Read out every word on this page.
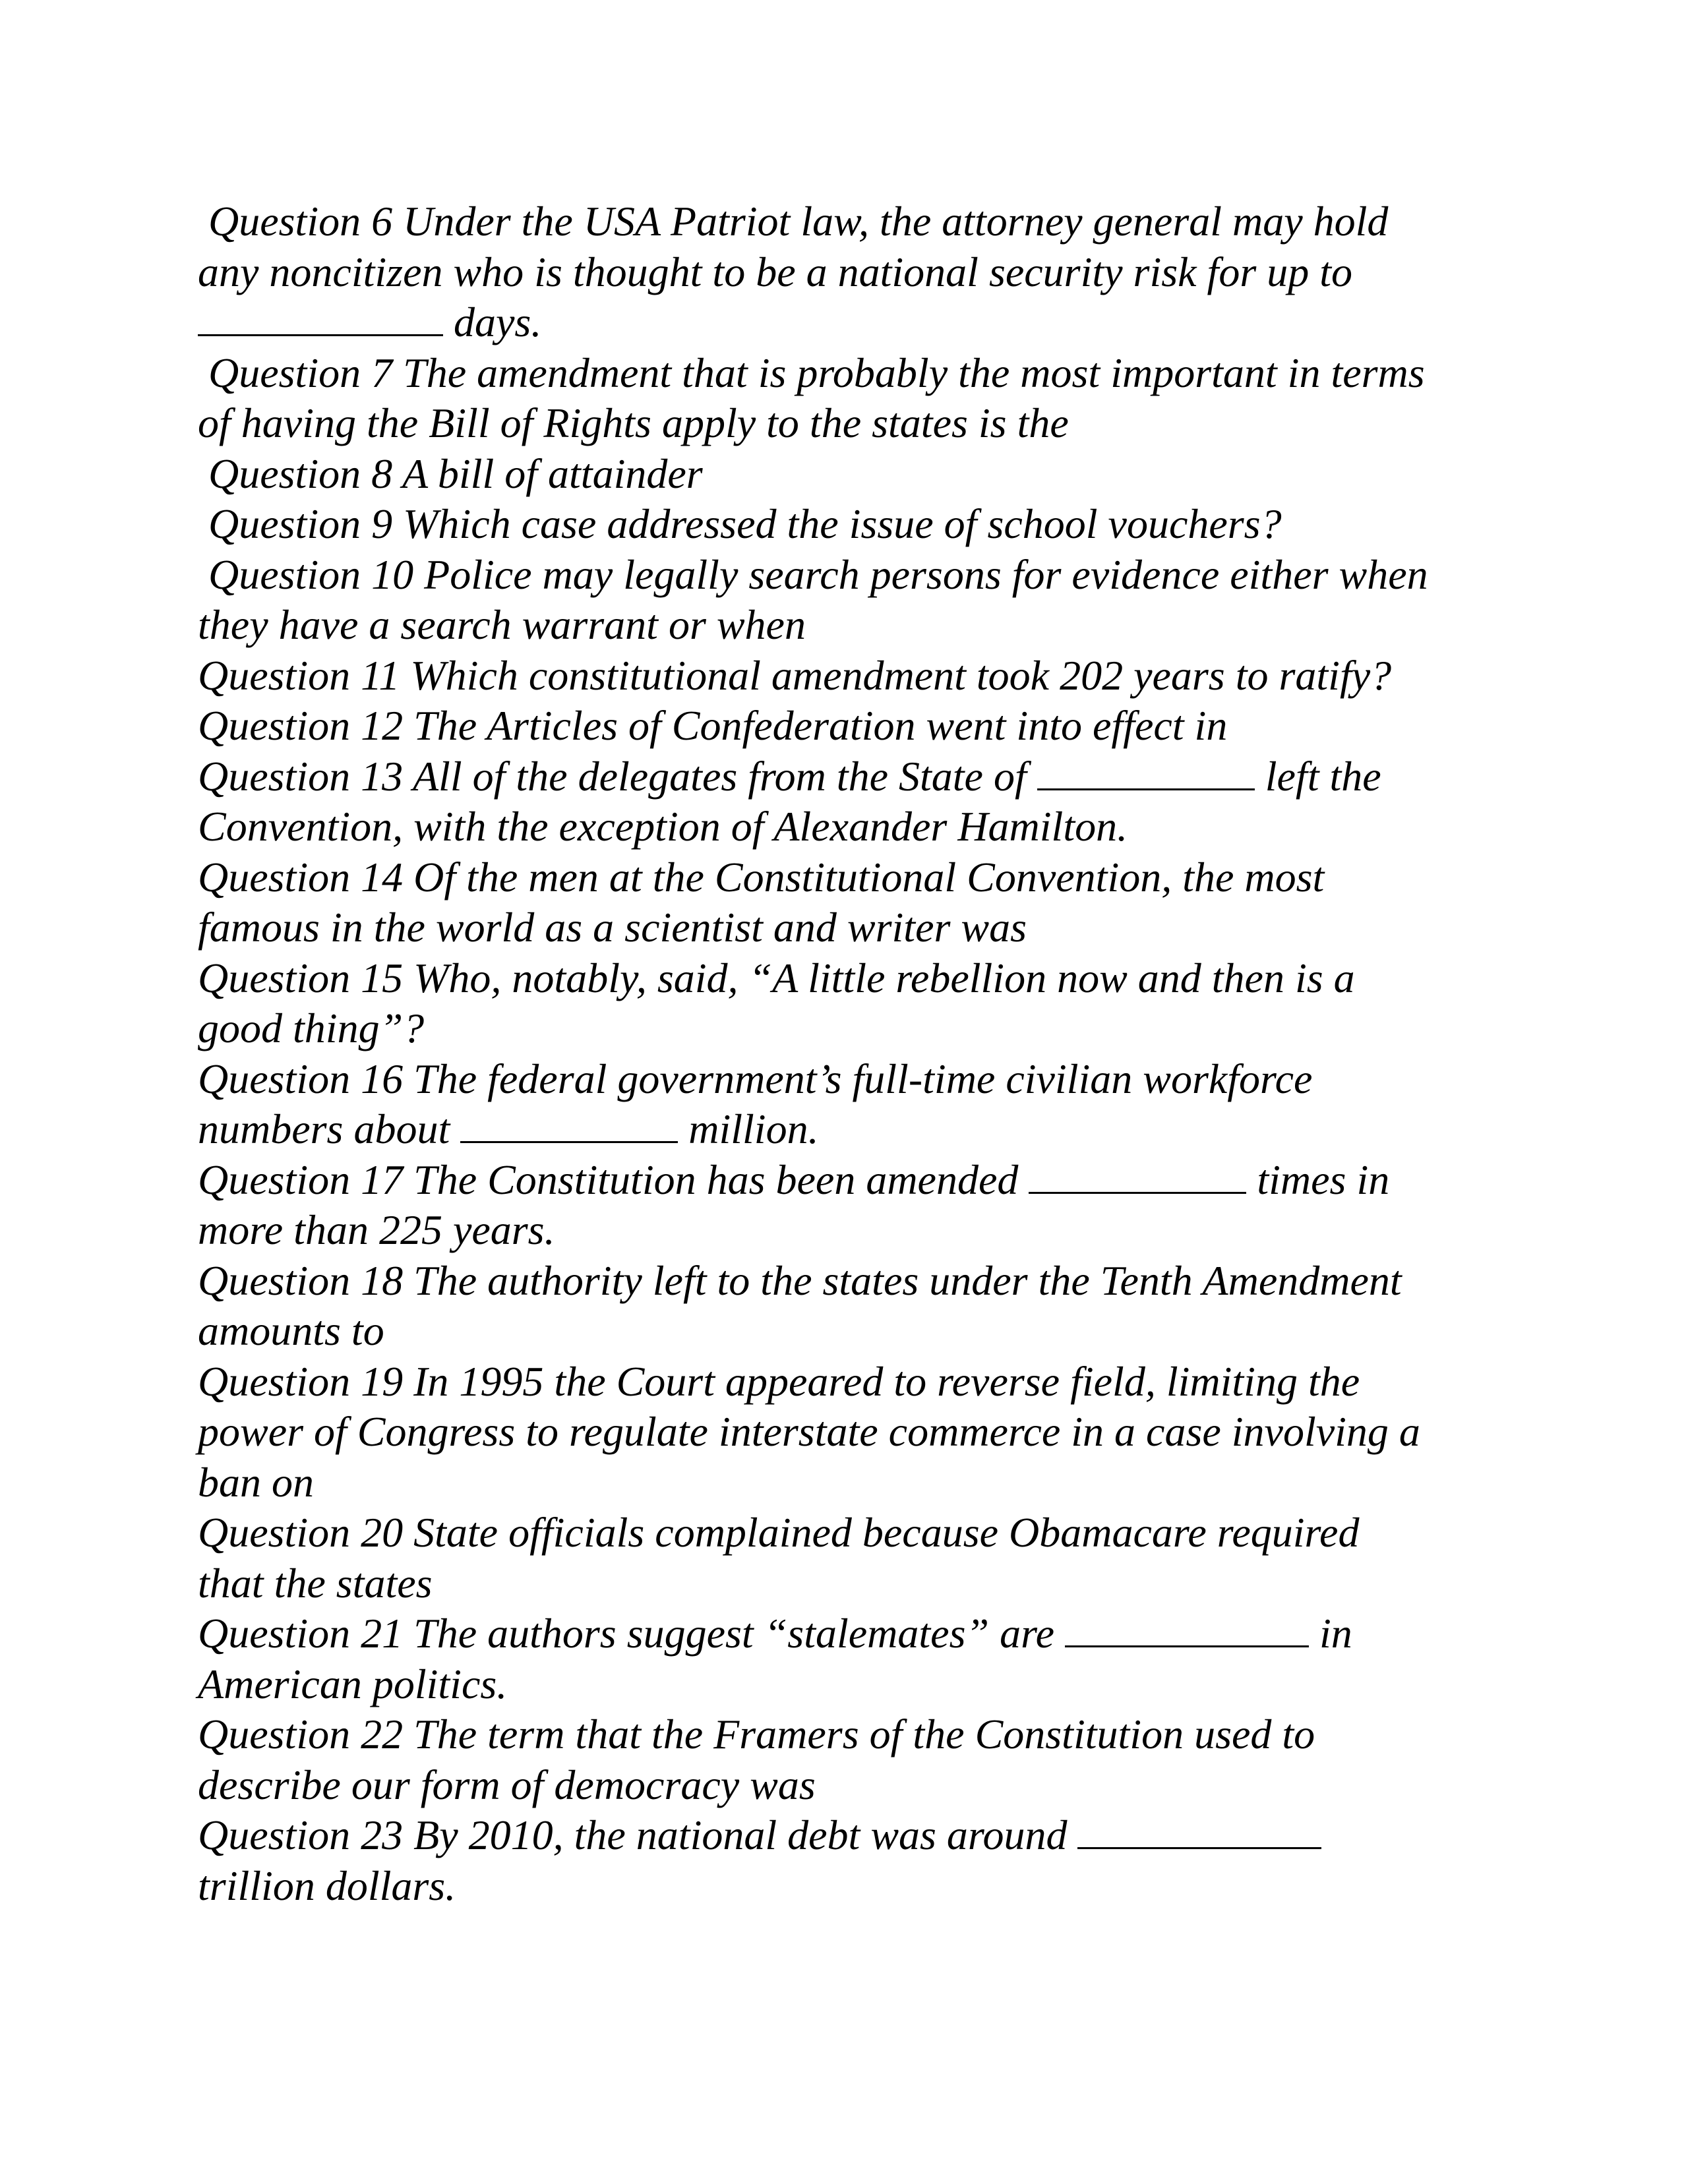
Question 6 Under the USA Patriot law, the attorney general may hold
any noncitizen who is thought to be a national security risk for up to
days.
Question 7 The amendment that is probably the most important in terms
of having the Bill of Rights apply to the states is the
Question 8 A bill of attainder
Question 9 Which case addressed the issue of school vouchers?
Question 10 Police may legally search persons for evidence either when
they have a search warrant or when
Question 11 Which constitutional amendment took 202 years to ratify?
Question 12 The Articles of Confederation went into effect in
Question 13 All of the delegates from the State of	left the
Convention, with the exception of Alexander Hamilton.
Question 14 Of the men at the Constitutional Convention, the most
famous in the world as a scientist and writer was
Question 15 Who, notably, said, “A little rebellion now and then is a
good thing”?
Question 16 The federal government’s full-time civilian workforce
numbers about	million.
Question 17 The Constitution has been amended	times in
more than 225 years.
Question 18 The authority left to the states under the Tenth Amendment
amounts to
Question 19 In 1995 the Court appeared to reverse field, limiting the
power of Congress to regulate interstate commerce in a case involving a
ban on
Question 20 State officials complained because Obamacare required
that the states
Question 21 The authors suggest “stalemates” are	in
American politics.
Question 22 The term that the Framers of the Constitution used to
describe our form of democracy was
Question 23 By 2010, the national debt was around
trillion dollars.
